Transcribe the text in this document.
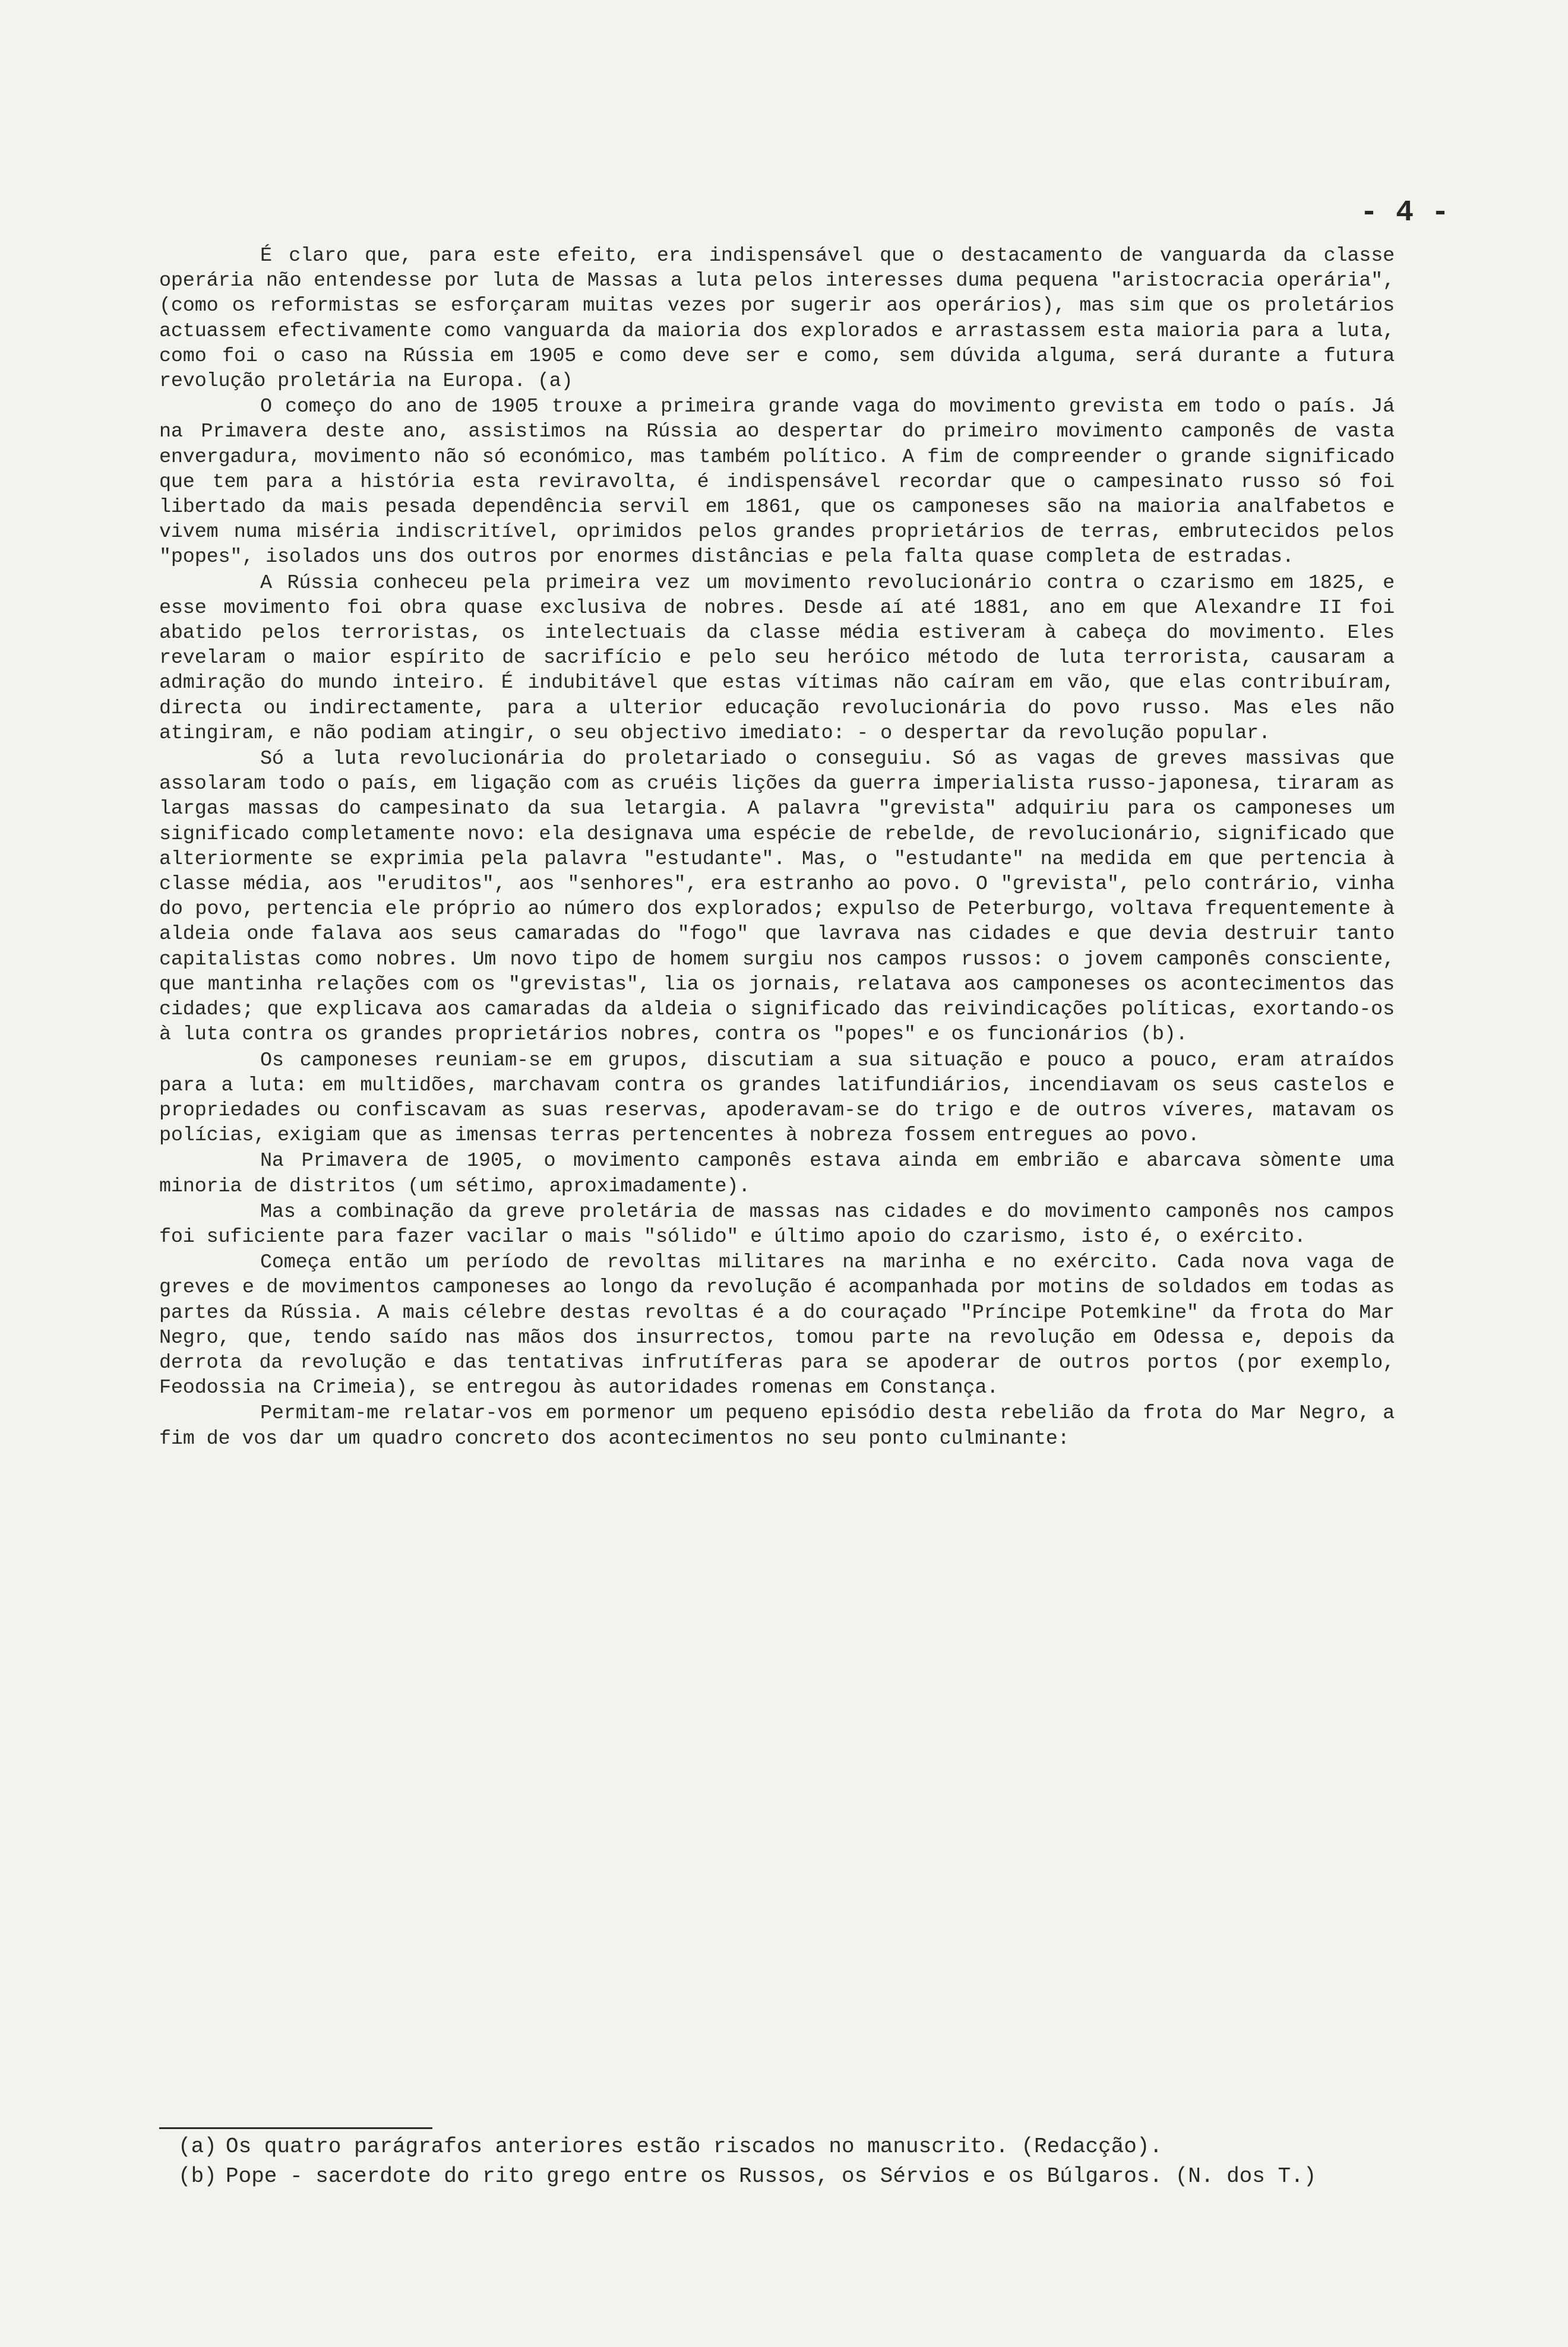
- 4 -

É claro que, para este efeito, era indispensável que o destacamento de vanguarda da classe operária não entendesse por luta de Massas a luta pelos interesses duma pequena "aristocracia operária", (como os reformistas se esforçaram muitas vezes por sugerir aos operários), mas sim que os proletários actuassem efectivamente como vanguarda da maioria dos explorados e arrastassem esta maioria para a luta, como foi o caso na Rússia em 1905 e como deve ser e como, sem dúvida alguma, será durante a futura revolução proletária na Europa. (a)

O começo do ano de 1905 trouxe a primeira grande vaga do movimento grevista em todo o país. Já na Primavera deste ano, assistimos na Rússia ao despertar do primeiro movimento camponês de vasta envergadura, movimento não só económico, mas também político. A fim de compreender o grande significado que tem para a história esta reviravolta, é indispensável recordar que o campesinato russo só foi libertado da mais pesada dependência servil em 1861, que os camponeses são na maioria analfabetos e vivem numa miséria indiscritível, oprimidos pelos grandes proprietários de terras, embrutecidos pelos "popes", isolados uns dos outros por enormes distâncias e pela falta quase completa de estradas.

A Rússia conheceu pela primeira vez um movimento revolucionário contra o czarismo em 1825, e esse movimento foi obra quase exclusiva de nobres. Desde aí até 1881, ano em que Alexandre II foi abatido pelos terroristas, os intelectuais da classe média estiveram à cabeça do movimento. Eles revelaram o maior espírito de sacrifício e pelo seu heróico método de luta terrorista, causaram a admiração do mundo inteiro. É indubitável que estas vítimas não caíram em vão, que elas contribuíram, directa ou indirectamente, para a ulterior educação revolucionária do povo russo. Mas eles não atingiram, e não podiam atingir, o seu objectivo imediato: - o despertar da revolução popular.

Só a luta revolucionária do proletariado o conseguiu. Só as vagas de greves massivas que assolaram todo o país, em ligação com as cruéis lições da guerra imperialista russo-japonesa, tiraram as largas massas do campesinato da sua letargia. A palavra "grevista" adquiriu para os camponeses um significado completamente novo: ela designava uma espécie de rebelde, de revolucionário, significado que alteriormente se exprimia pela palavra "estudante". Mas, o "estudante" na medida em que pertencia à classe média, aos "eruditos", aos "senhores", era estranho ao povo. O "grevista", pelo contrário, vinha do povo, pertencia ele próprio ao número dos explorados; expulso de Peterburgo, voltava frequentemente à aldeia onde falava aos seus camaradas do "fogo" que lavrava nas cidades e que devia destruir tanto capitalistas como nobres. Um novo tipo de homem surgiu nos campos russos: o jovem camponês consciente, que mantinha relações com os "grevistas", lia os jornais, relatava aos camponeses os acontecimentos das cidades; que explicava aos camaradas da aldeia o significado das reivindicações políticas, exortando-os à luta contra os grandes proprietários nobres, contra os "popes" e os funcionários (b).

Os camponeses reuniam-se em grupos, discutiam a sua situação e pouco a pouco, eram atraídos para a luta: em multidões, marchavam contra os grandes latifundiários, incendiavam os seus castelos e propriedades ou confiscavam as suas reservas, apoderavam-se do trigo e de outros víveres, matavam os polícias, exigiam que as imensas terras pertencentes à nobreza fossem entregues ao povo.

Na Primavera de 1905, o movimento camponês estava ainda em embrião e abarcava sòmente uma minoria de distritos (um sétimo, aproximadamente).

Mas a combinação da greve proletária de massas nas cidades e do movimento camponês nos campos foi suficiente para fazer vacilar o mais "sólido" e último apoio do czarismo, isto é, o exército.

Começa então um período de revoltas militares na marinha e no exército. Cada nova vaga de greves e de movimentos camponeses ao longo da revolução é acompanhada por motins de soldados em todas as partes da Rússia. A mais célebre destas revoltas é a do couraçado "Príncipe Potemkine" da frota do Mar Negro, que, tendo saído nas mãos dos insurrectos, tomou parte na revolução em Odessa e, depois da derrota da revolução e das tentativas infrutíferas para se apoderar de outros portos (por exemplo, Feodossia na Crimeia), se entregou às autoridades romenas em Constança.

Permitam-me relatar-vos em pormenor um pequeno episódio desta rebelião da frota do Mar Negro, a fim de vos dar um quadro concreto dos acontecimentos no seu ponto culminante:

(a) Os quatro parágrafos anteriores estão riscados no manuscrito. (Redacção).
(b) Pope - sacerdote do rito grego entre os Russos, os Sérvios e os Búlgaros. (N. dos T.)
